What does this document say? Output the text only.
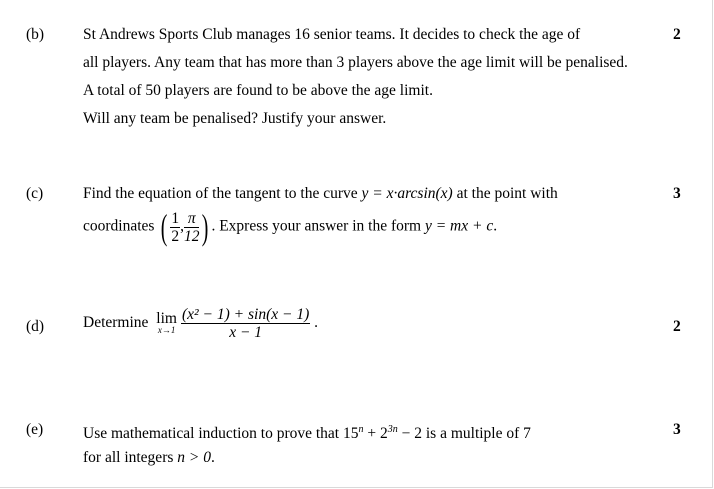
(b)	St Andrews Sports Club manages 16 senior teams. It decides to check the age of
all players. Any team that has more than 3 players above the age limit will be penalised.
A total of 50 players are found to be above the age limit.
Will any team be penalised? Justify your answer.
2
(c)	Find the equation of the tangent to the curve y = x·arcsin(x) at the point with
coordinates ( $\frac{1}{2}$ , $\frac{\pi}{12}$ ) . Express your answer in the form y = mx + c.
3
(d)	Determine lim
$x\to 1 \frac{\text{(x² − 1) + sin(x − 1)}}{x - 1}$ .	2
(e)	Use mathematical induction to prove that $15^n + 2^{3n} - 2$ is a multiple of 7
for all integers n > 0.
3
